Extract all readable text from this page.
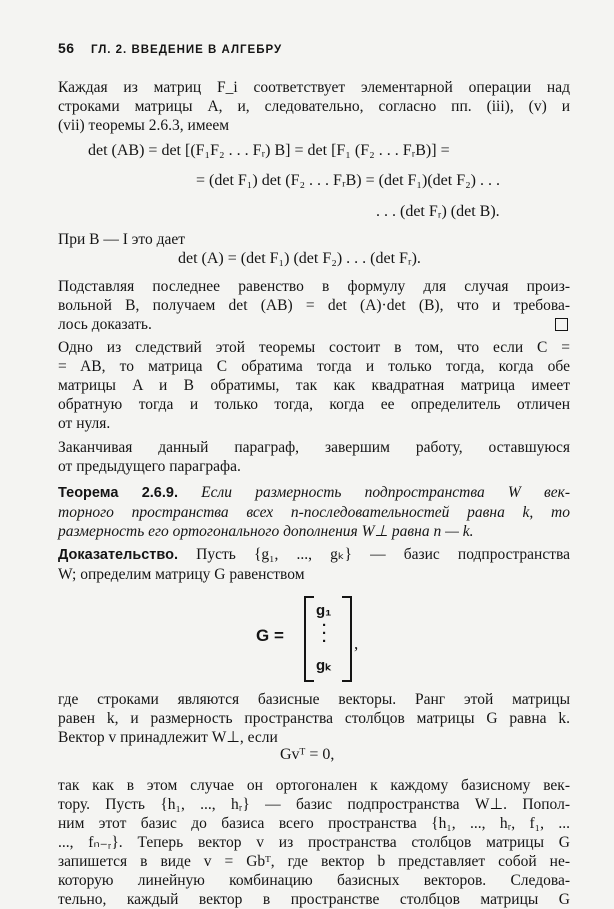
56 ГЛ. 2. ВВЕДЕНИЕ В АЛГЕБРУ
Каждая из матриц F_i соответствует элементарной операции над
строками матрицы A, и, следовательно, согласно пп. (iii), (v) и
(vii) теоремы 2.6.3, имеем
det (AB) = det [(F₁F₂ . . . Fᵣ) B] = det [F₁ (F₂ . . . FᵣB)] =
= (det F₁) det (F₂ . . . FᵣB) = (det F₁)(det F₂) . . .
. . . (det Fᵣ) (det B).
При B — I это дает
det (A) = (det F₁) (det F₂) . . . (det Fᵣ).
Подставляя последнее равенство в формулу для случая произ-
вольной B, получаем det (AB) = det (A)·det (B), что и требова-
лось доказать.
Одно из следствий этой теоремы состоит в том, что если C =
= AB, то матрица C обратима тогда и только тогда, когда обе
матрицы A и B обратимы, так как квадратная матрица имеет
обратную тогда и только тогда, когда ее определитель отличен
от нуля.
Заканчивая данный параграф, завершим работу, оставшуюся
от предыдущего параграфа.
Теорема 2.6.9. Если размерность подпространства W век-
торного пространства всех n-последовательностей равна k, то
размерность его ортогонального дополнения W⊥ равна n — k.
Доказательство. Пусть {g₁, ..., gₖ} — базис подпространства
W; определим матрицу G равенством
G =
g₁
·
·
·
gₖ
,
где строками являются базисные векторы. Ранг этой матрицы
равен k, и размерность пространства столбцов матрицы G равна k.
Вектор v принадлежит W⊥, если
Gvᵀ = 0,
так как в этом случае он ортогонален к каждому базисному век-
тору. Пусть {h₁, ..., hᵣ} — базис подпространства W⊥. Попол-
ним этот базис до базиса всего пространства {h₁, ..., hᵣ, f₁, ...
..., fₙ₋ᵣ}. Теперь вектор v из пространства столбцов матрицы G
запишется в виде v = Gbᵀ, где вектор b представляет собой не-
которую линейную комбинацию базисных векторов. Следова-
тельно, каждый вектор в пространстве столбцов матрицы G
